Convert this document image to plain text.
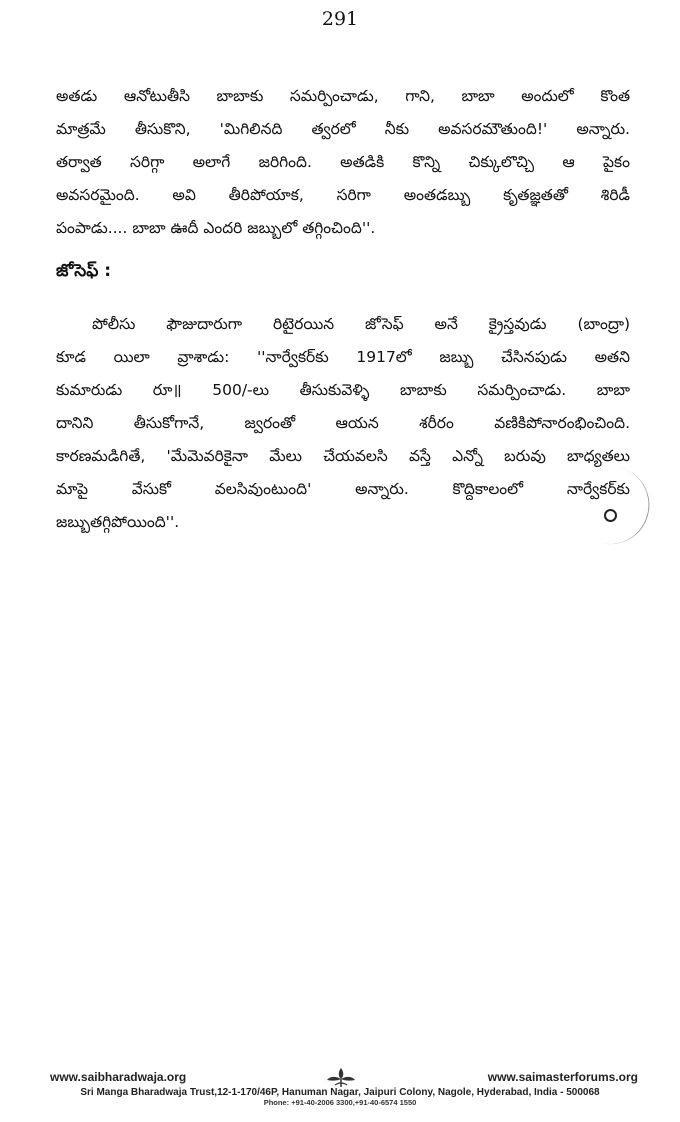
291
అతడు ఆనోటుతీసి బాబాకు సమర్పించాడు, గాని, బాబా అందులో కొంత
మాత్రమే తీసుకొని, 'మిగిలినది త్వరలో నీకు అవసరమౌతుంది!' అన్నారు.
తర్వాత సరిగ్గా అలాగే జరిగింది. అతడికి కొన్ని చిక్కులొచ్చి ఆ పైకం
అవసరమైంది. అవి తీరిపోయాక, సరిగా అంతడబ్బు కృతజ్ఞతతో శిరిడీ
పంపాడు.... బాబా ఊదీ ఎందరి జబ్బులో తగ్గించింది''.
జోసెఫ్ :
పోలీసు ఫౌజుదారుగా రిటైరయిన జోసెఫ్ అనే క్రైస్తవుడు (బాంద్రా)
కూడ యిలా వ్రాశాడు: ''నార్వేకర్‌కు 1917లో జబ్బు చేసినపుడు అతని
కుమారుడు రూ॥ 500/-లు తీసుకువెళ్ళి బాబాకు సమర్పించాడు. బాబా
దానిని తీసుకోగానే, జ్వరంతో ఆయన శరీరం వణికిపోనారంభించింది.
కారణమడిగితే, 'మేమెవరికైనా మేలు చేయవలసి వస్తే ఎన్నో బరువు బాధ్యతలు
మాపై వేసుకో వలసివుంటుంది' అన్నారు. కొద్దికాలంలో నార్వేకర్‌కు
జబ్బుతగ్గిపోయింది''.
www.saibharadwaja.org	www.saimasterforums.org
Sri Manga Bharadwaja Trust,12-1-170/46P, Hanuman Nagar, Jaipuri Colony, Nagole, Hyderabad, India - 500068
Phone: +91-40-2006 3300,+91-40-6574 1550
